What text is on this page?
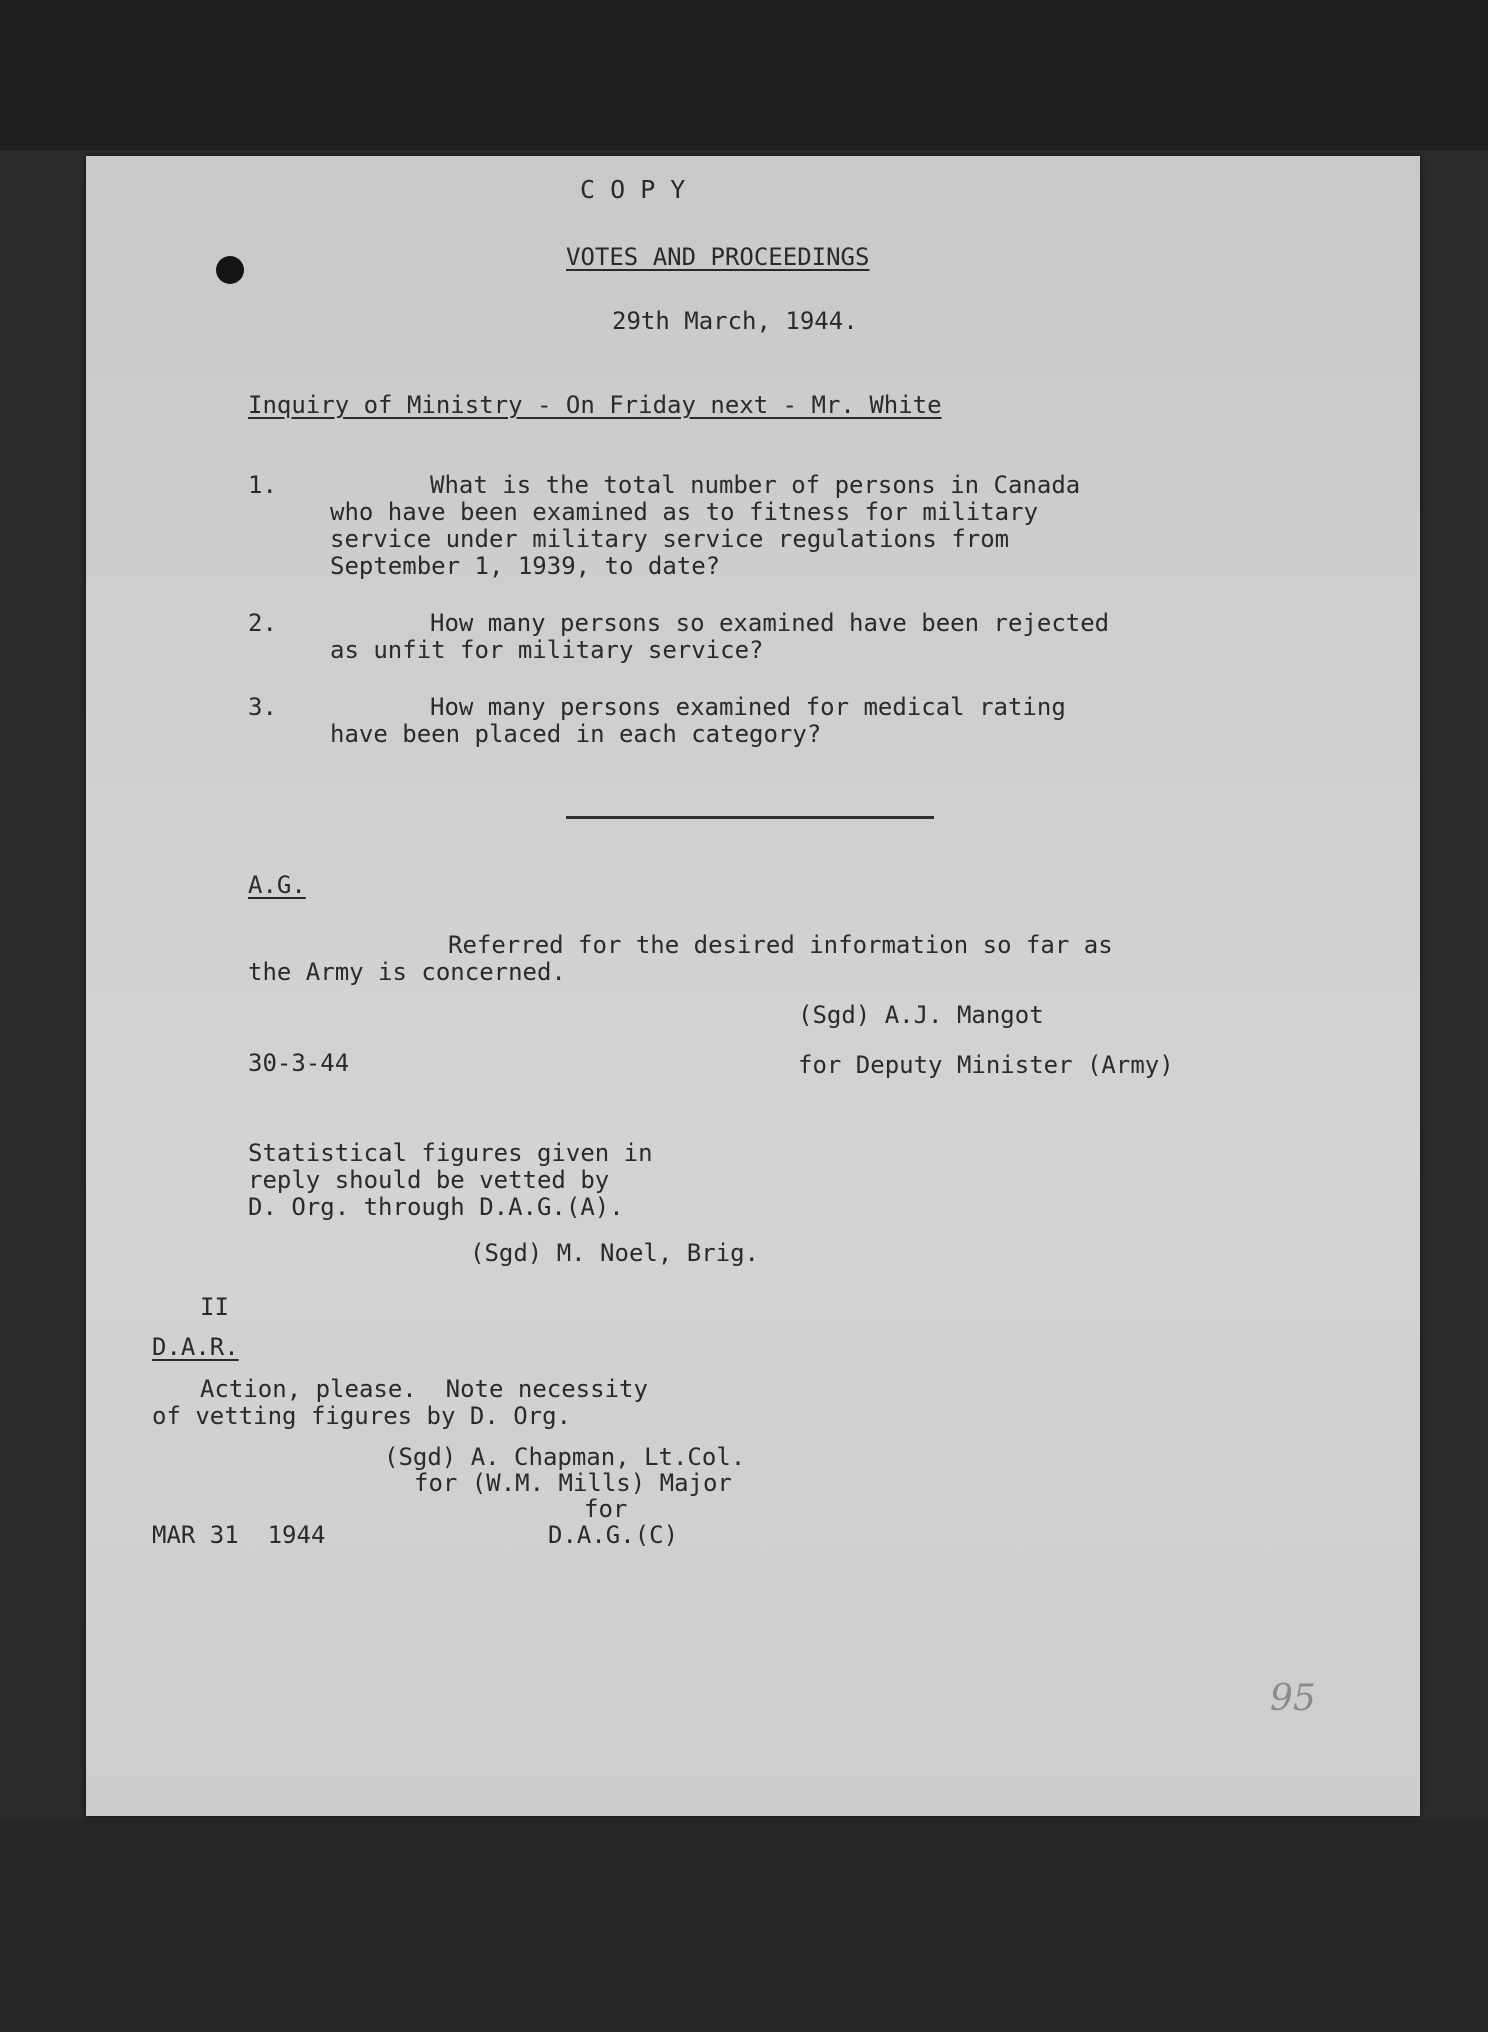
C O P Y

VOTES AND PROCEEDINGS

29th March, 1944.

Inquiry of Ministry - On Friday next - Mr. White

1.	What is the total number of persons in Canada

who have been examined as to fitness for military

service under military service regulations from

September 1, 1939, to date?

2.	How many persons so examined have been rejected

as unfit for military service?

3.	How many persons examined for medical rating

have been placed in each category?

A.G.

Referred for the desired information so far as

the Army is concerned.

(Sgd) A.J. Mangot

30-3-44	for Deputy Minister (Army)

Statistical figures given in

reply should be vetted by

D. Org. through D.A.G.(A).

(Sgd) M. Noel, Brig.

II

D.A.R.

Action, please.  Note necessity

of vetting figures by D. Org.

(Sgd) A. Chapman, Lt.Col.

for (W.M. Mills) Major

for

MAR 31  1944	D.A.G.(C)

95
